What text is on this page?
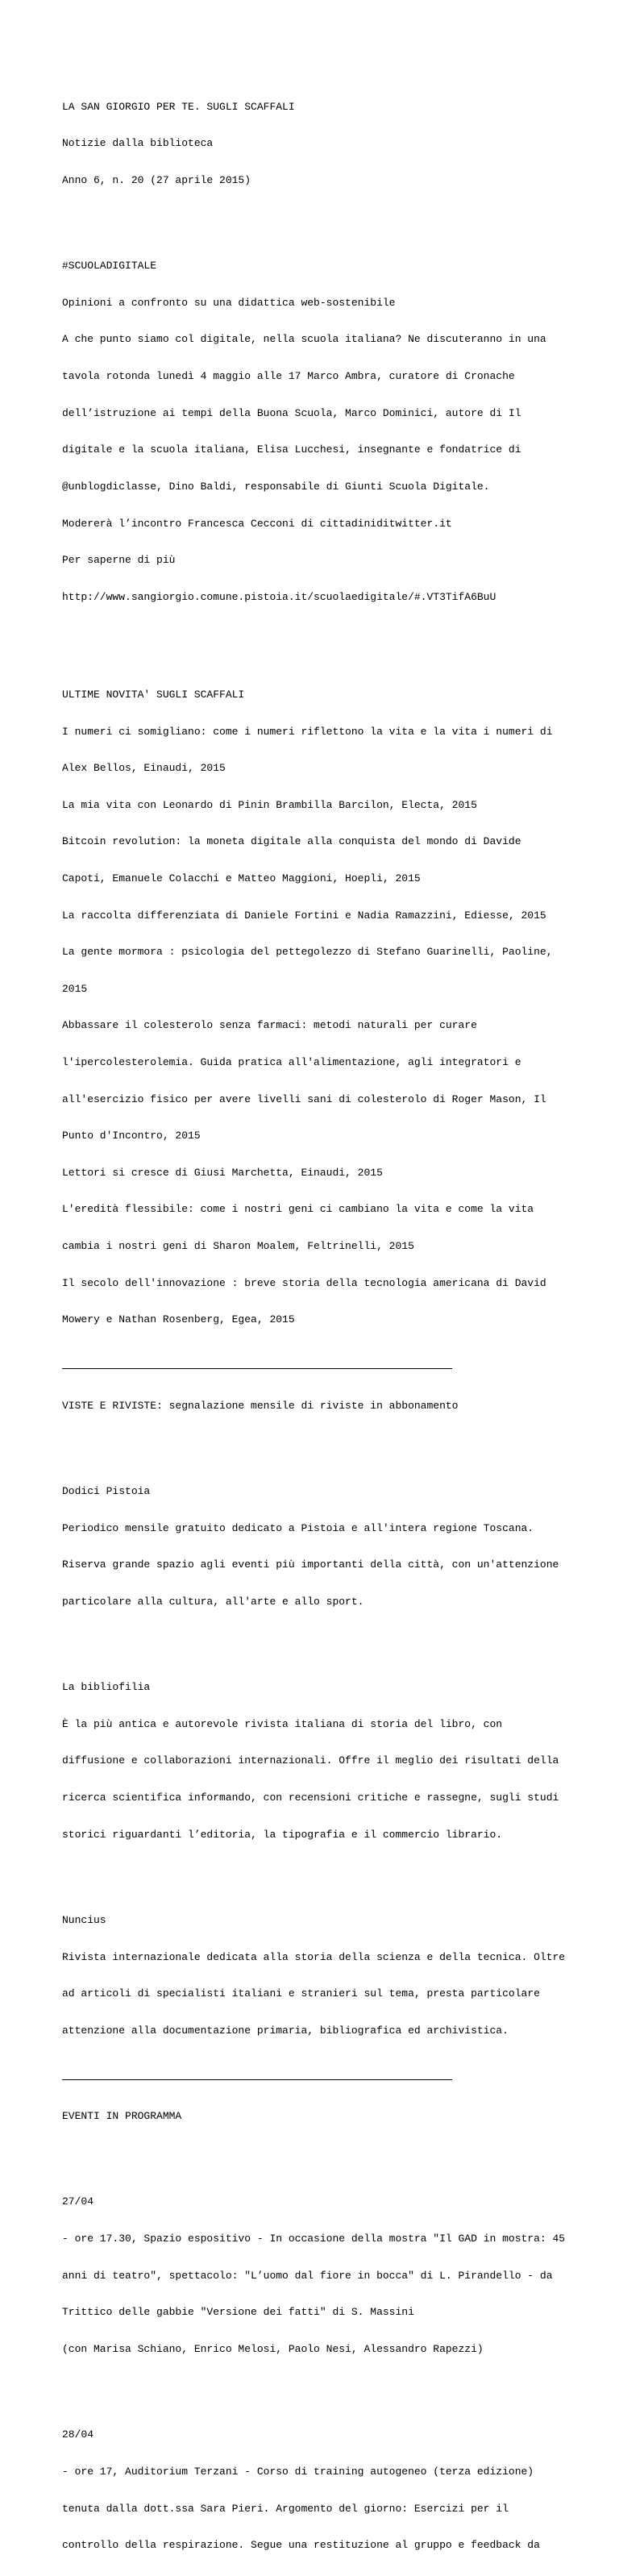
LA SAN GIORGIO PER TE. SUGLI SCAFFALI

Notizie dalla biblioteca

Anno 6, n. 20 (27 aprile 2015)

#SCUOLADIGITALE

Opinioni a confronto su una didattica web-sostenibile

A che punto siamo col digitale, nella scuola italiana? Ne discuteranno in una

tavola rotonda lunedì 4 maggio alle 17 Marco Ambra, curatore di Cronache

dell’istruzione ai tempi della Buona Scuola, Marco Dominici, autore di Il

digitale e la scuola italiana, Elisa Lucchesi, insegnante e fondatrice di

@unblogdiclasse, Dino Baldi, responsabile di Giunti Scuola Digitale.

Modererà l’incontro Francesca Cecconi di cittadiniditwitter.it

Per saperne di più

http://www.sangiorgio.comune.pistoia.it/scuolaedigitale/#.VT3TifA6BuU

ULTIME NOVITA' SUGLI SCAFFALI

I numeri ci somigliano: come i numeri riflettono la vita e la vita i numeri di

Alex Bellos, Einaudi, 2015

La mia vita con Leonardo di Pinin Brambilla Barcilon, Electa, 2015

Bitcoin revolution: la moneta digitale alla conquista del mondo di Davide

Capoti, Emanuele Colacchi e Matteo Maggioni, Hoepli, 2015

La raccolta differenziata di Daniele Fortini e Nadia Ramazzini, Ediesse, 2015

La gente mormora : psicologia del pettegolezzo di Stefano Guarinelli, Paoline,

2015

Abbassare il colesterolo senza farmaci: metodi naturali per curare

l'ipercolesterolemia. Guida pratica all'alimentazione, agli integratori e

all'esercizio fisico per avere livelli sani di colesterolo di Roger Mason, Il

Punto d'Incontro, 2015

Lettori si cresce di Giusi Marchetta, Einaudi, 2015

L'eredità flessibile: come i nostri geni ci cambiano la vita e come la vita

cambia i nostri geni di Sharon Moalem, Feltrinelli, 2015

Il secolo dell'innovazione : breve storia della tecnologia americana di David

Mowery e Nathan Rosenberg, Egea, 2015

VISTE E RIVISTE: segnalazione mensile di riviste in abbonamento

Dodici Pistoia

Periodico mensile gratuito dedicato a Pistoia e all'intera regione Toscana.

Riserva grande spazio agli eventi più importanti della città, con un'attenzione

particolare alla cultura, all'arte e allo sport.

La bibliofilia

È la più antica e autorevole rivista italiana di storia del libro, con

diffusione e collaborazioni internazionali. Offre il meglio dei risultati della

ricerca scientifica informando, con recensioni critiche e rassegne, sugli studi

storici riguardanti l’editoria, la tipografia e il commercio librario.

Nuncius

Rivista internazionale dedicata alla storia della scienza e della tecnica. Oltre

ad articoli di specialisti italiani e stranieri sul tema, presta particolare

attenzione alla documentazione primaria, bibliografica ed archivistica.

EVENTI IN PROGRAMMA

27/04

- ore 17.30, Spazio espositivo - In occasione della mostra "Il GAD in mostra: 45

anni di teatro", spettacolo: "L’uomo dal fiore in bocca" di L. Pirandello - da

Trittico delle gabbie "Versione dei fatti" di S. Massini

(con Marisa Schiano, Enrico Melosi, Paolo Nesi, Alessandro Rapezzi)

28/04

- ore 17, Auditorium Terzani - Corso di training autogeneo (terza edizione)

tenuta dalla dott.ssa Sara Pieri. Argomento del giorno: Esercizi per il

controllo della respirazione. Segue una restituzione al gruppo e feedback da
